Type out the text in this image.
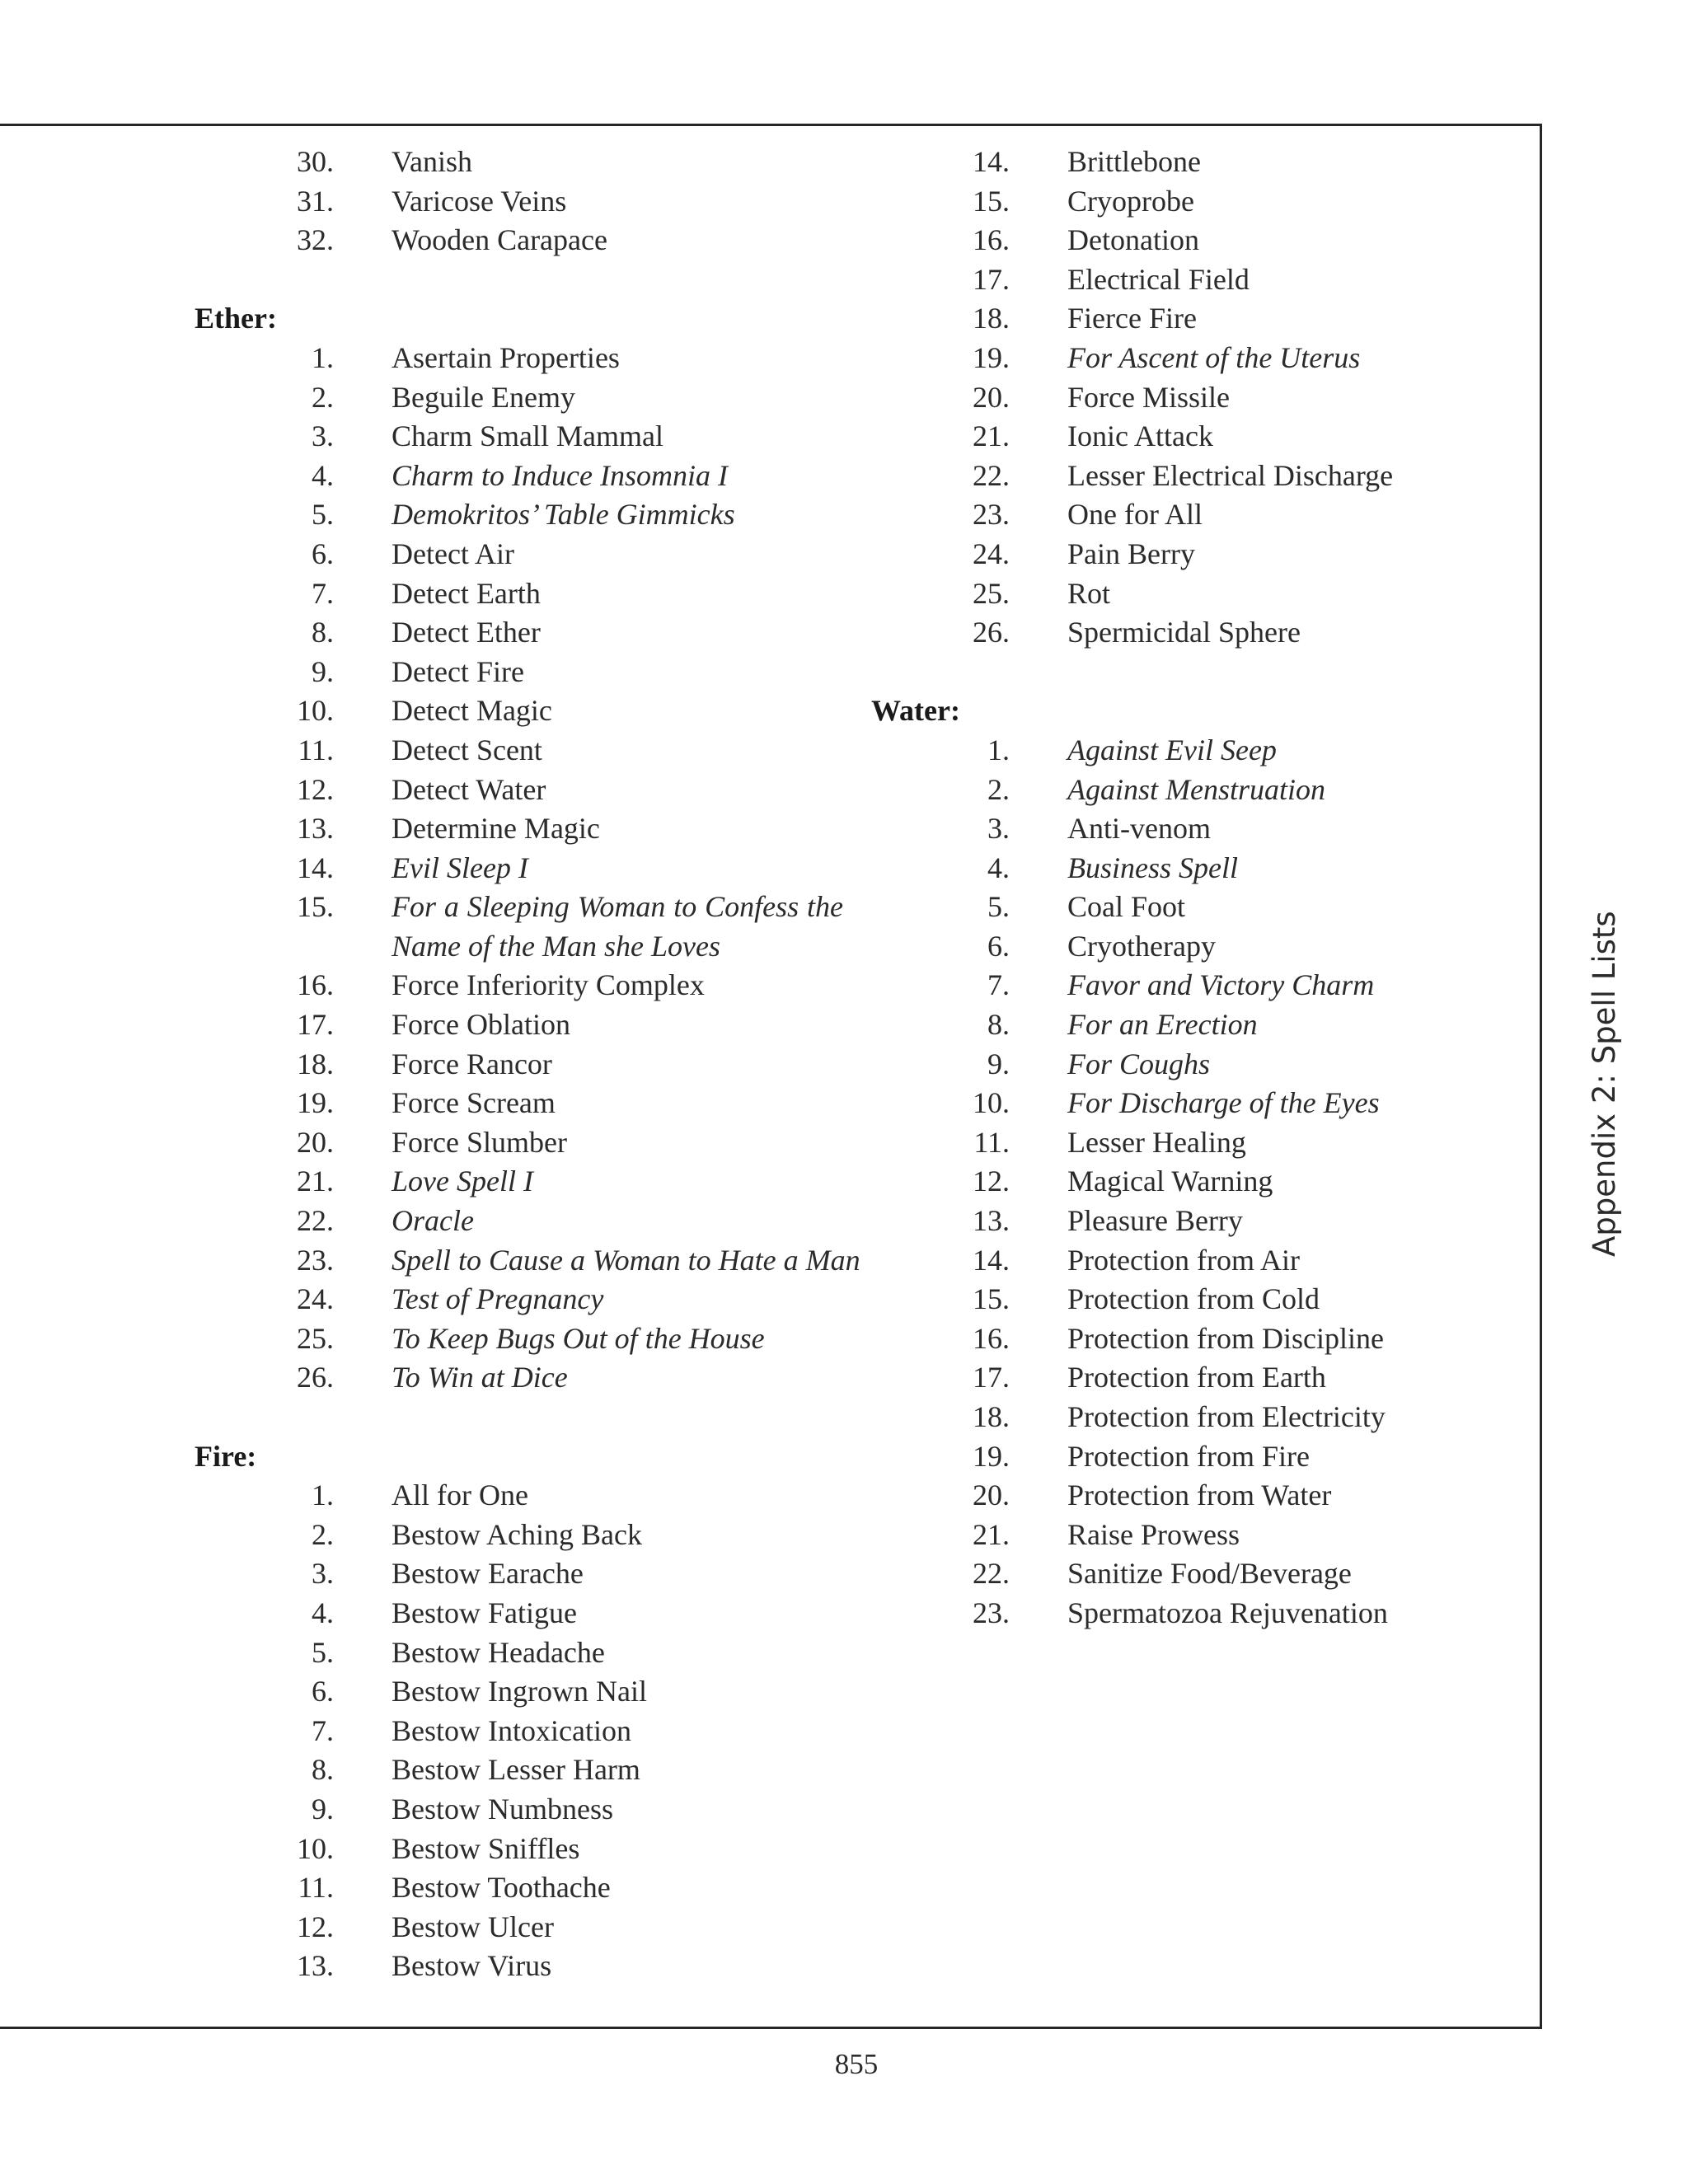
30. Vanish
31. Varicose Veins
32. Wooden Carapace
Ether:
1. Asertain Properties
2. Beguile Enemy
3. Charm Small Mammal
4. Charm to Induce Insomnia I
5. Demokritos’ Table Gimmicks
6. Detect Air
7. Detect Earth
8. Detect Ether
9. Detect Fire
10. Detect Magic
11. Detect Scent
12. Detect Water
13. Determine Magic
14. Evil Sleep I
15. For a Sleeping Woman to Confess the Name of the Man she Loves
16. Force Inferiority Complex
17. Force Oblation
18. Force Rancor
19. Force Scream
20. Force Slumber
21. Love Spell I
22. Oracle
23. Spell to Cause a Woman to Hate a Man
24. Test of Pregnancy
25. To Keep Bugs Out of the House
26. To Win at Dice
Fire:
1. All for One
2. Bestow Aching Back
3. Bestow Earache
4. Bestow Fatigue
5. Bestow Headache
6. Bestow Ingrown Nail
7. Bestow Intoxication
8. Bestow Lesser Harm
9. Bestow Numbness
10. Bestow Sniffles
11. Bestow Toothache
12. Bestow Ulcer
13. Bestow Virus
14. Brittlebone
15. Cryoprobe
16. Detonation
17. Electrical Field
18. Fierce Fire
19. For Ascent of the Uterus
20. Force Missile
21. Ionic Attack
22. Lesser Electrical Discharge
23. One for All
24. Pain Berry
25. Rot
26. Spermicidal Sphere
Water:
1. Against Evil Seep
2. Against Menstruation
3. Anti-venom
4. Business Spell
5. Coal Foot
6. Cryotherapy
7. Favor and Victory Charm
8. For an Erection
9. For Coughs
10. For Discharge of the Eyes
11. Lesser Healing
12. Magical Warning
13. Pleasure Berry
14. Protection from Air
15. Protection from Cold
16. Protection from Discipline
17. Protection from Earth
18. Protection from Electricity
19. Protection from Fire
20. Protection from Water
21. Raise Prowess
22. Sanitize Food/Beverage
23. Spermatozoa Rejuvenation
Appendix 2: Spell Lists
855
